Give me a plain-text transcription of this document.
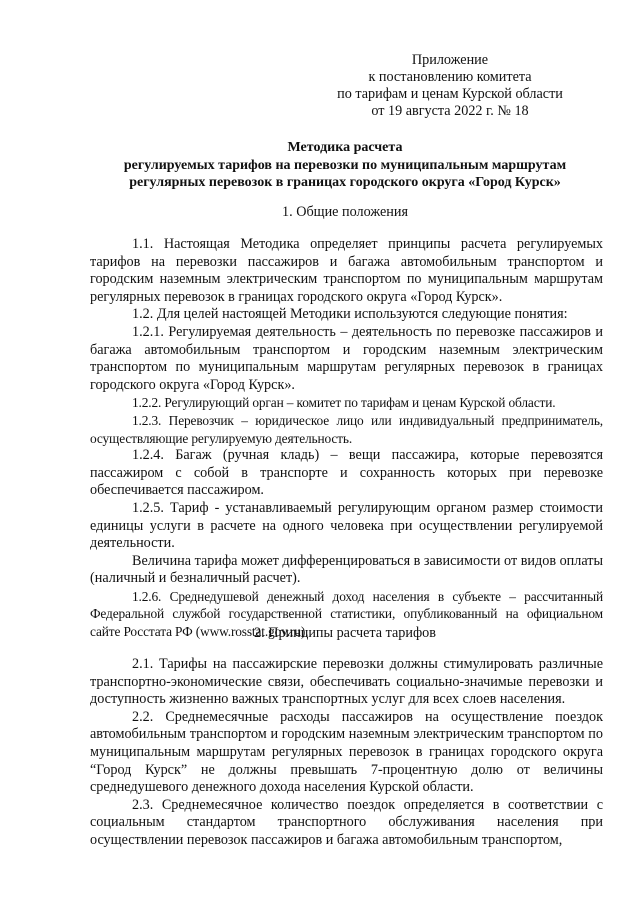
Приложение
к постановлению комитета
по тарифам и ценам Курской области
от 19 августа 2022 г. № 18
Методика расчета
регулируемых тарифов на перевозки по муниципальным маршрутам
регулярных перевозок в границах городского округа «Город Курск»
1. Общие положения

1.1. Настоящая Методика определяет принципы расчета регулируемых тарифов на перевозки пассажиров и багажа автомобильным транспортом и городским наземным электрическим транспортом по муниципальным маршрутам регулярных перевозок в границах городского округа «Город Курск».

1.2. Для целей настоящей Методики используются следующие понятия:

1.2.1. Регулируемая деятельность – деятельность по перевозке пассажиров и багажа автомобильным транспортом и городским наземным электрическим транспортом по муниципальным маршрутам регулярных перевозок в границах городского округа «Город Курск».

1.2.2. Регулирующий орган – комитет по тарифам и ценам Курской области.

1.2.3. Перевозчик – юридическое лицо или индивидуальный предприниматель, осуществляющие регулируемую деятельность.

1.2.4. Багаж (ручная кладь) – вещи пассажира, которые перевозятся пассажиром с собой в транспорте и сохранность которых при перевозке обеспечивается пассажиром.

1.2.5. Тариф - устанавливаемый регулирующим органом размер стоимости единицы услуги в расчете на одного человека при осуществлении регулируемой деятельности.

Величина тарифа может дифференцироваться в зависимости от видов оплаты (наличный и безналичный расчет).

1.2.6. Среднедушевой денежный доход населения в субъекте – рассчитанный Федеральной службой государственной статистики, опубликованный на официальном сайте Росстата РФ (www.rosstat.gov.ru).

2. Принципы расчета тарифов

2.1. Тарифы на пассажирские перевозки должны стимулировать различные транспортно-экономические связи, обеспечивать социально-значимые перевозки и доступность жизненно важных транспортных услуг для всех слоев населения.

2.2. Среднемесячные расходы пассажиров на осуществление поездок автомобильным транспортом и городским наземным электрическим транспортом по муниципальным маршрутам регулярных перевозок в границах городского округа “Город Курск” не должны превышать 7-процентную долю от величины среднедушевого денежного дохода населения Курской области.

2.3. Среднемесячное количество поездок определяется в соответствии с социальным стандартом транспортного обслуживания населения при осуществлении перевозок пассажиров и багажа автомобильным транспортом,
